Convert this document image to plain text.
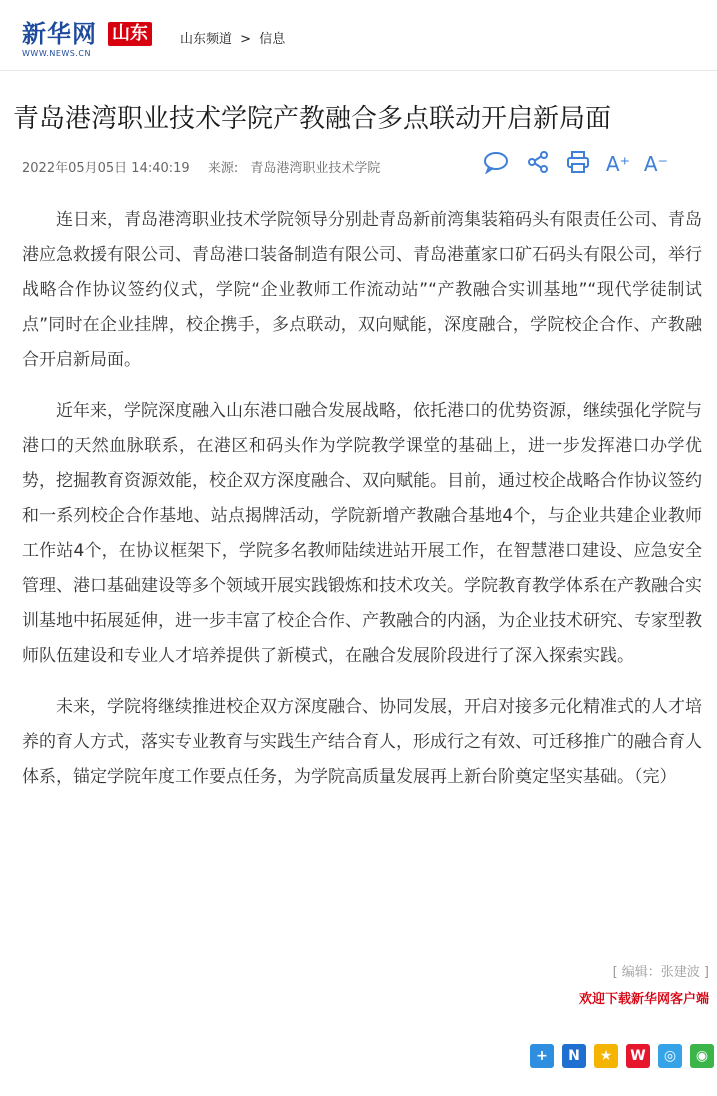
新华网 山东
WWW.NEWS.CN
山东频道 > 信息
青岛港湾职业技术学院产教融合多点联动开启新局面
2022年05月05日 14:40:19 来源: 青岛港湾职业技术学院	A⁺ A⁻

连日来，青岛港湾职业技术学院领导分别赴青岛新前湾集装箱码头有限责任公司、青岛港应急救援有限公司、青岛港口装备制造有限公司、青岛港董家口矿石码头有限公司，举行战略合作协议签约仪式，学院“企业教师工作流动站”“产教融合实训基地”“现代学徒制试点”同时在企业挂牌，校企携手，多点联动，双向赋能，深度融合，学院校企合作、产教融合开启新局面。

近年来，学院深度融入山东港口融合发展战略，依托港口的优势资源，继续强化学院与港口的天然血脉联系，在港区和码头作为学院教学课堂的基础上，进一步发挥港口办学优势，挖掘教育资源效能，校企双方深度融合、双向赋能。目前，通过校企战略合作协议签约和一系列校企合作基地、站点揭牌活动，学院新增产教融合基地4个，与企业共建企业教师工作站4个，在协议框架下，学院多名教师陆续进站开展工作，在智慧港口建设、应急安全管理、港口基础建设等多个领域开展实践锻炼和技术攻关。学院教育教学体系在产教融合实训基地中拓展延伸，进一步丰富了校企合作、产教融合的内涵，为企业技术研究、专家型教师队伍建设和专业人才培养提供了新模式，在融合发展阶段进行了深入探索实践。

未来，学院将继续推进校企双方深度融合、协同发展，开启对接多元化精准式的人才培养的育人方式，落实专业教育与实践生产结合育人，形成行之有效、可迁移推广的融合育人体系，锚定学院年度工作要点任务，为学院高质量发展再上新台阶奠定坚实基础。（完）

[ 编辑：张建波 ]
欢迎下载新华网客户端
+	N	★	W	◎	◉
